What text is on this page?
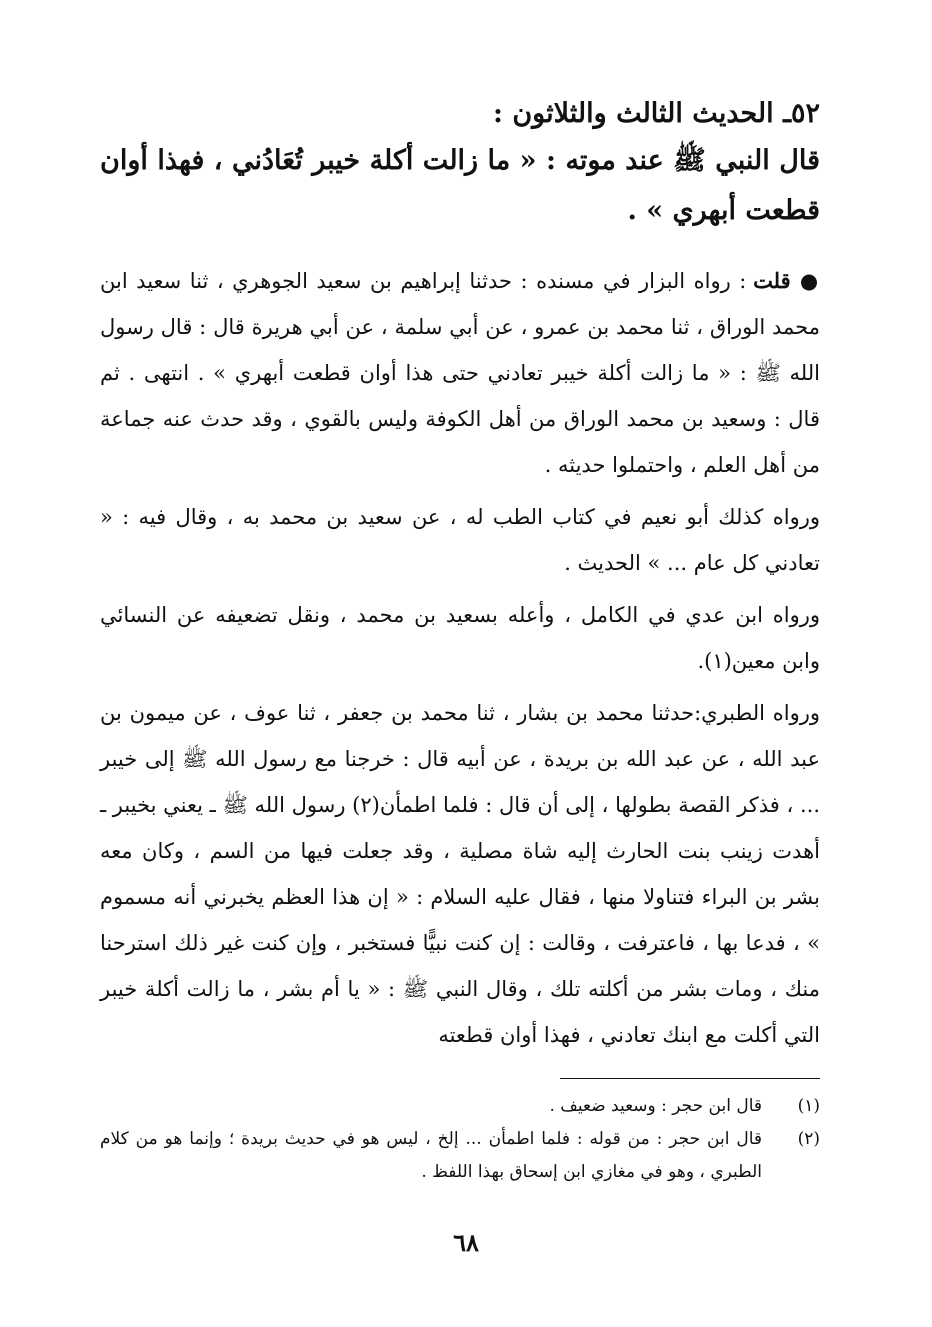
٥٢ـ الحديث الثالث والثلاثون :

قال النبي ﷺ عند موته : « ما زالت أكلة خيبر تُعَادُني ، فهذا أوان قطعت أبهري » .

● قلت : رواه البزار في مسنده : حدثنا إبراهيم بن سعيد الجوهري ، ثنا سعيد ابن محمد الوراق ، ثنا محمد بن عمرو ، عن أبي سلمة ، عن أبي هريرة قال : قال رسول الله ﷺ : « ما زالت أكلة خيبر تعادني حتى هذا أوان قطعت أبهري » . انتهى . ثم قال : وسعيد بن محمد الوراق من أهل الكوفة وليس بالقوي ، وقد حدث عنه جماعة من أهل العلم ، واحتملوا حديثه .

ورواه كذلك أبو نعيم في كتاب الطب له ، عن سعيد بن محمد به ، وقال فيه : « تعادني كل عام ... » الحديث .

ورواه ابن عدي في الكامل ، وأعله بسعيد بن محمد ، ونقل تضعيفه عن النسائي وابن معين(١).

ورواه الطبري:حدثنا محمد بن بشار ، ثنا محمد بن جعفر ، ثنا عوف ، عن ميمون بن عبد الله ، عن عبد الله بن بريدة ، عن أبيه قال : خرجنا مع رسول الله ﷺ إلى خيبر ... ، فذكر القصة بطولها ، إلى أن قال : فلما اطمأن(٢) رسول الله ﷺ ـ يعني بخيبر ـ أهدت زينب بنت الحارث إليه شاة مصلية ، وقد جعلت فيها من السم ، وكان معه بشر بن البراء فتناولا منها ، فقال عليه السلام : « إن هذا العظم يخبرني أنه مسموم » ، فدعا بها ، فاعترفت ، وقالت : إن كنت نبيًّا فستخبر ، وإن كنت غير ذلك استرحنا منك ، ومات بشر من أكلته تلك ، وقال النبي ﷺ : « يا أم بشر ، ما زالت أكلة خيبر التي أكلت مع ابنك تعادني ، فهذا أوان قطعته

(١)
قال ابن حجر : وسعيد ضعيف .
(٢)
قال ابن حجر : من قوله : فلما اطمأن ... إلخ ، ليس هو في حديث بريدة ؛ وإنما هو من كلام الطبري ، وهو في مغازي ابن إسحاق بهذا اللفظ .
٦٨
